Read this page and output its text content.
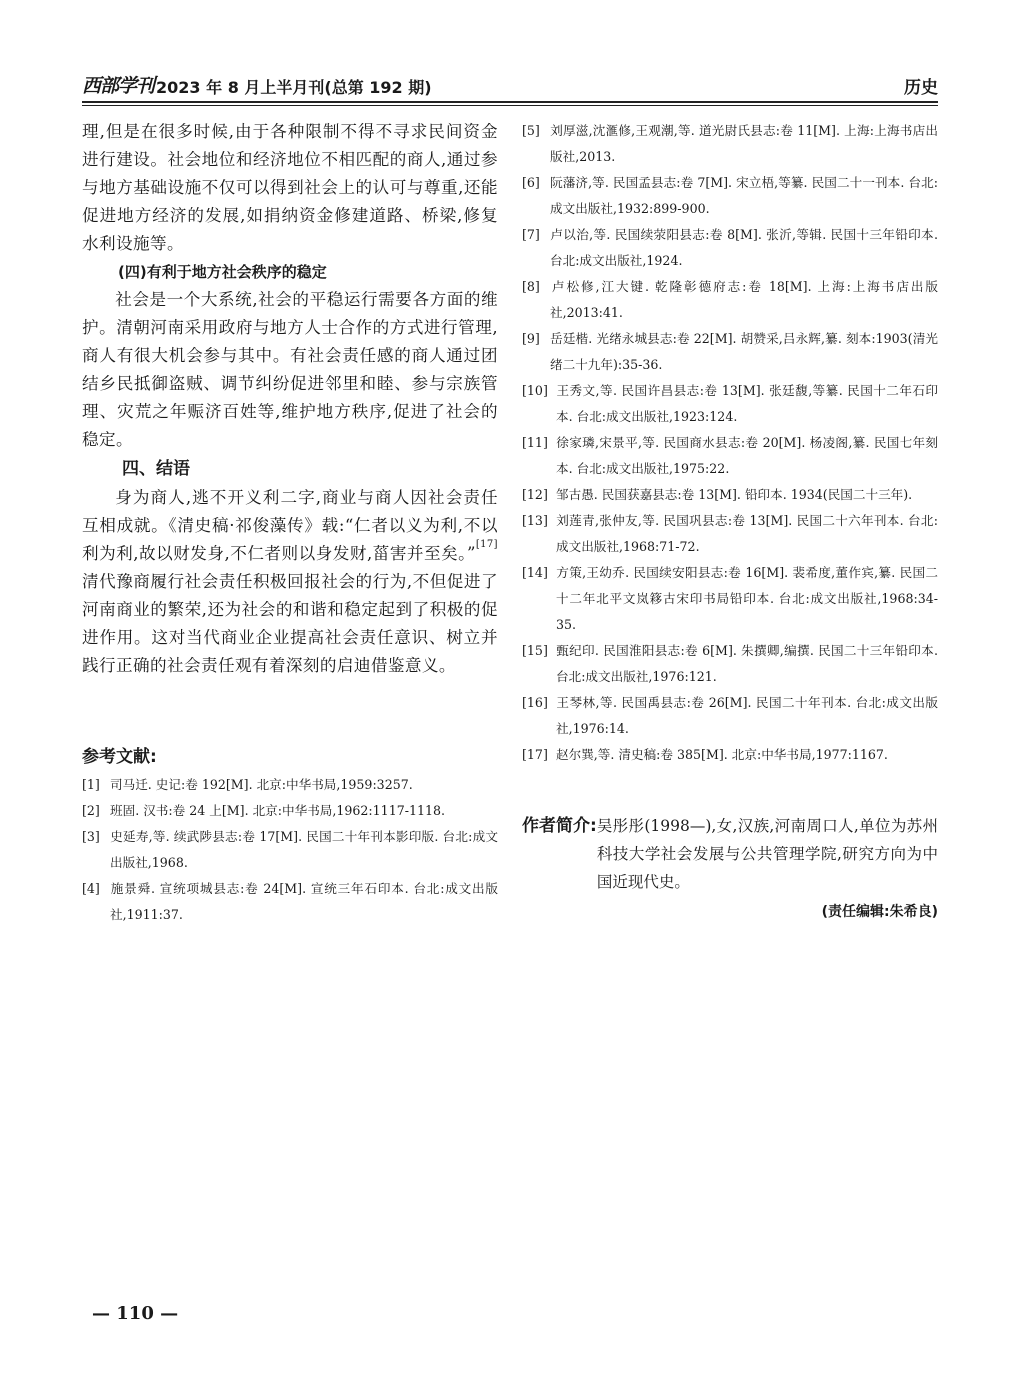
西部学刊 2023 年 8 月上半月刊(总第 192 期)	历史

理,但是在很多时候,由于各种限制不得不寻求民间资金进行建设。社会地位和经济地位不相匹配的商人,通过参与地方基础设施不仅可以得到社会上的认可与尊重,还能促进地方经济的发展,如捐纳资金修建道路、桥梁,修复水利设施等。

(四)有利于地方社会秩序的稳定

社会是一个大系统,社会的平稳运行需要各方面的维护。清朝河南采用政府与地方人士合作的方式进行管理,商人有很大机会参与其中。有社会责任感的商人通过团结乡民抵御盗贼、调节纠纷促进邻里和睦、参与宗族管理、灾荒之年赈济百姓等,维护地方秩序,促进了社会的稳定。

四、结语

身为商人,逃不开义利二字,商业与商人因社会责任互相成就。《清史稿·祁俊藻传》载:“仁者以义为利,不以利为利,故以财发身,不仁者则以身发财,菑害并至矣。”[17]清代豫商履行社会责任积极回报社会的行为,不但促进了河南商业的繁荣,还为社会的和谐和稳定起到了积极的促进作用。这对当代商业企业提高社会责任意识、树立并践行正确的社会责任观有着深刻的启迪借鉴意义。

参考文献:

[1] 司马迁. 史记:卷 192[M]. 北京:中华书局,1959:3257.

[2] 班固. 汉书:卷 24 上[M]. 北京:中华书局,1962:1117-1118.

[3] 史延寿,等. 续武陟县志:卷 17[M]. 民国二十年刊本影印版. 台北:成文出版社,1968.

[4] 施景舜. 宣统项城县志:卷 24[M]. 宣统三年石印本. 台北:成文出版社,1911:37.

[5] 刘厚滋,沈滙修,王观潮,等. 道光尉氏县志:卷 11[M]. 上海:上海书店出版社,2013.

[6] 阮藩济,等. 民国孟县志:卷 7[M]. 宋立梧,等纂. 民国二十一刊本. 台北:成文出版社,1932:899-900.

[7] 卢以治,等. 民国续荥阳县志:卷 8[M]. 张沂,等辑. 民国十三年铅印本. 台北:成文出版社,1924.

[8] 卢松修,江大键. 乾隆彰德府志:卷 18[M]. 上海:上海书店出版社,2013:41.

[9] 岳廷楷. 光绪永城县志:卷 22[M]. 胡赞采,吕永辉,纂. 刻本:1903(清光绪二十九年):35-36.

[10] 王秀文,等. 民国许昌县志:卷 13[M]. 张廷馥,等纂. 民国十二年石印本. 台北:成文出版社,1923:124.

[11] 徐家璘,宋景平,等. 民国商水县志:卷 20[M]. 杨凌阁,纂. 民国七年刻本. 台北:成文出版社,1975:22.

[12] 邹古愚. 民国获嘉县志:卷 13[M]. 铅印本. 1934(民国二十三年).

[13] 刘莲青,张仲友,等. 民国巩县志:卷 13[M]. 民国二十六年刊本. 台北:成文出版社,1968:71-72.

[14] 方策,王幼乔. 民国续安阳县志:卷 16[M]. 裴希度,董作宾,纂. 民国二十二年北平文岚簃古宋印书局铅印本. 台北:成文出版社,1968:34-35.

[15] 甄纪印. 民国淮阳县志:卷 6[M]. 朱撰卿,编撰. 民国二十三年铅印本. 台北:成文出版社,1976:121.

[16] 王琴林,等. 民国禹县志:卷 26[M]. 民国二十年刊本. 台北:成文出版社,1976:14.

[17] 赵尔巽,等. 清史稿:卷 385[M]. 北京:中华书局,1977:1167.

作者简介: 吴彤彤(1998—),女,汉族,河南周口人,单位为苏州科技大学社会发展与公共管理学院,研究方向为中国近现代史。
(责任编辑:朱希良)
— 110 —
